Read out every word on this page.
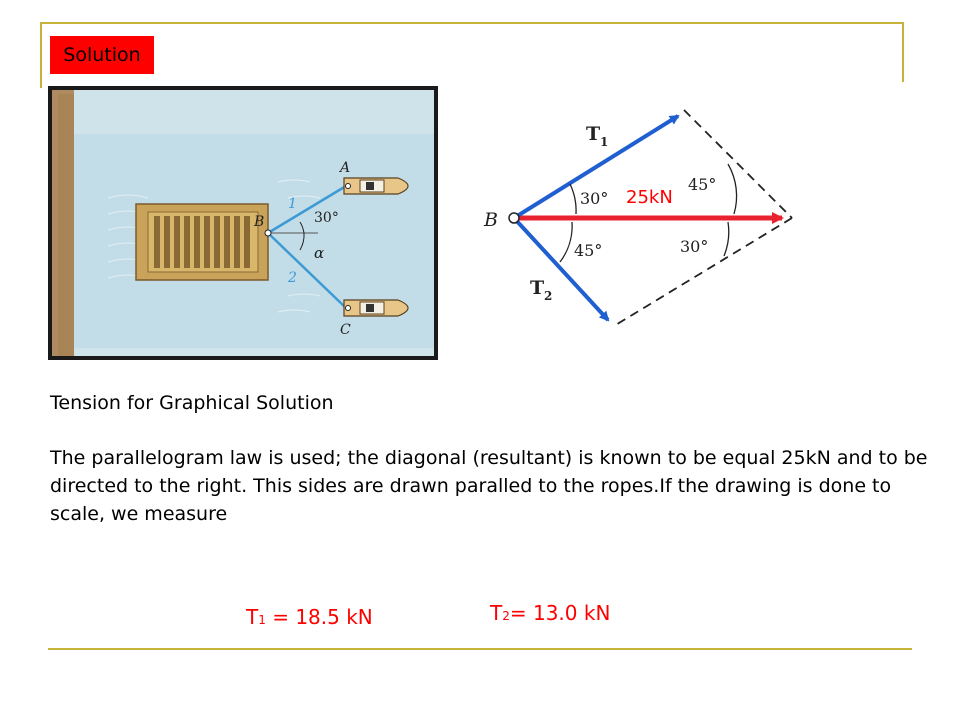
Solution
A
B
C
1
2
30°
α
B
T 1
T 2
30°
45°
45°
30°
25kN
Tension for Graphical Solution
The parallelogram law is used; the diagonal (resultant) is known to be equal 25kN and to be directed to the right. This sides are drawn paralled to the ropes.If the drawing is done to scale, we measure
T1 = 18.5 kN	T2= 13.0 kN
